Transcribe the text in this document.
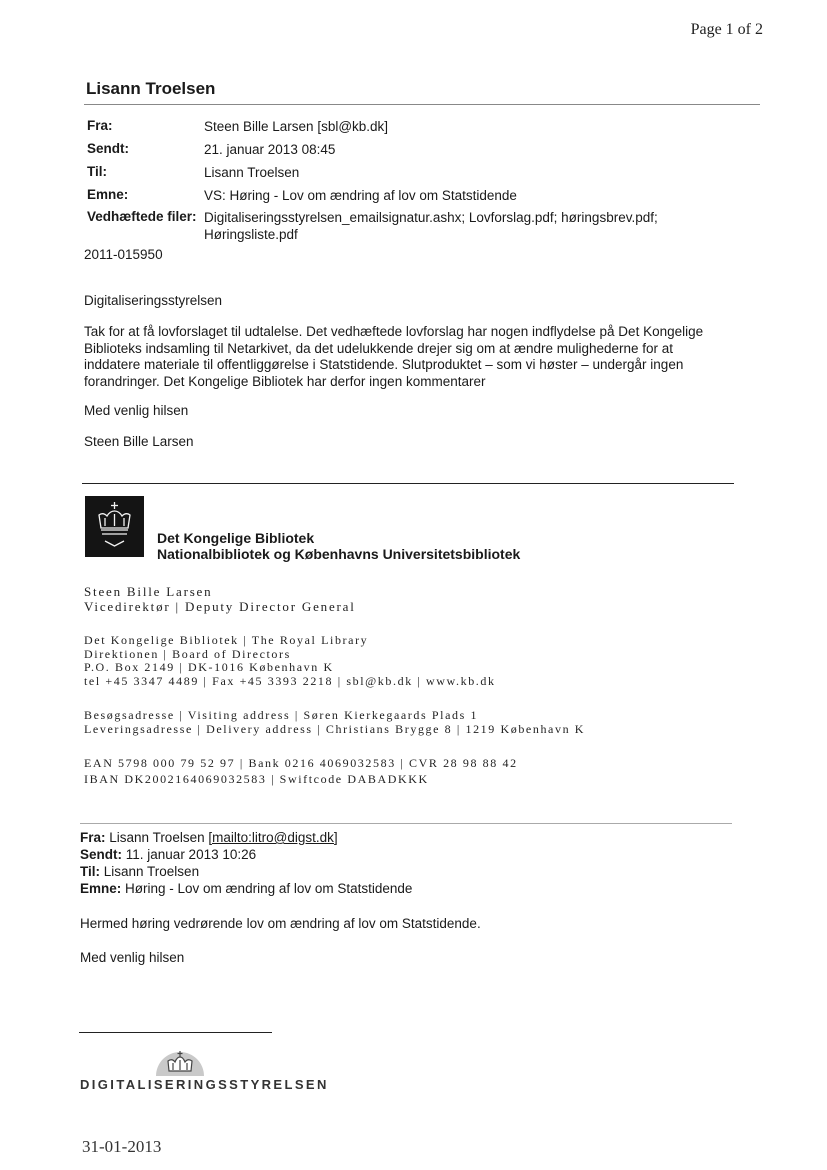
Page 1 of 2
Lisann Troelsen
Fra:	Steen Bille Larsen [sbl@kb.dk]
Sendt:	21. januar 2013 08:45
Til:	Lisann Troelsen
Emne:	VS: Høring - Lov om ændring af lov om Statstidende
Vedhæftede filer: Digitaliseringsstyrelsen_emailsignatur.ashx; Lovforslag.pdf; høringsbrev.pdf;
Høringsliste.pdf
2011-015950
Digitaliseringsstyrelsen
Tak for at få lovforslaget til udtalelse. Det vedhæftede lovforslag har nogen indflydelse på Det Kongelige
Biblioteks indsamling til Netarkivet, da det udelukkende drejer sig om at ændre mulighederne for at
inddatere materiale til offentliggørelse i Statstidende. Slutproduktet – som vi høster – undergår ingen
forandringer. Det Kongelige Bibliotek har derfor ingen kommentarer
Med venlig hilsen
Steen Bille Larsen
Det Kongelige Bibliotek
Nationalbibliotek og Københavns Universitetsbibliotek
Steen Bille Larsen
Vicedirektør | Deputy Director General
Det Kongelige Bibliotek | The Royal Library
Direktionen | Board of Directors
P.O. Box 2149 | DK-1016 København K
tel +45 3347 4489 | Fax +45 3393 2218 | sbl@kb.dk | www.kb.dk
Besøgsadresse | Visiting address | Søren Kierkegaards Plads 1
Leveringsadresse | Delivery address | Christians Brygge 8 | 1219 København K
EAN 5798 000 79 52 97 | Bank 0216 4069032583 | CVR 28 98 88 42
IBAN DK2002164069032583 | Swiftcode DABADKKK
Fra: Lisann Troelsen [mailto:litro@digst.dk]
Sendt: 11. januar 2013 10:26
Til: Lisann Troelsen
Emne: Høring - Lov om ændring af lov om Statstidende
Hermed høring vedrørende lov om ændring af lov om Statstidende.
Med venlig hilsen
DIGITALISERINGSSTYRELSEN
31-01-2013
